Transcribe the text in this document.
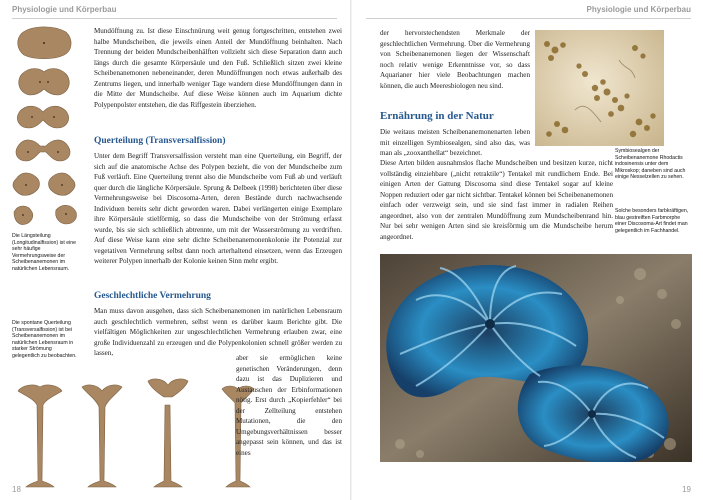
Physiologie und Körperbau

Die Längsteilung (Longitudinalfission) ist eine sehr häufige Vermehrungsweise der Scheibenanemonen im natürlichen Lebensraum.

Die spontane Querteilung (Transversalfission) ist bei Scheibenanemonen im natürlichen Lebensraum in starker Strömung gelegentlich zu beobachten.

Mundöffnung zu. Ist diese Einschnürung weit genug fortgeschritten, entstehen zwei halbe Mundscheiben, die jeweils einen Anteil der Mundöffnung beinhalten. Nach Trennung der beiden Mundscheibenhälften vollzieht sich diese Separation dann auch längs durch die gesamte Körpersäule und den Fuß. Schließlich sitzen zwei kleine Scheibenanemonen nebeneinander, deren Mundöffnungen noch etwas außerhalb des Zentrums liegen, und innerhalb weniger Tage wandern diese Mundöffnungen dann in die Mitte der Mundscheibe. Auf diese Weise können auch im Aquarium dichte Polypenpolster entstehen, die das Riffgestein überziehen.

Querteilung (Transversalfission)

Unter dem Begriff Transversalfission versteht man eine Querteilung, ein Begriff, der sich auf die anatomische Achse des Polypen bezieht, die von der Mundscheibe zum Fuß verläuft. Eine Querteilung trennt also die Mundscheibe vom Fuß ab und verläuft quer durch die längliche Körpersäule. Sprung & Delbeek (1998) berichteten über diese Vermehrungsweise bei Discosoma-Arten, deren Bestände durch nachwachsende Individuen bereits sehr dicht geworden waren. Dabei verlängerten einige Exemplare ihre Körpersäule stielförmig, so dass die Mundscheibe von der Strömung erfasst wurde, bis sie sich schließlich abtrennte, um mit der Wasserströmung zu verdriften. Auf diese Weise kann eine sehr dichte Scheibenanemonenkolonie ihr Potenzial zur vegetativen Vermehrung selbst dann noch arterhaltend einsetzen, wenn das Erzeugen weiterer Polypen innerhalb der Kolonie keinen Sinn mehr ergibt.

Geschlechtliche Vermehrung

Man muss davon ausgehen, dass sich Scheibenanemonen im natürlichen Lebensraum auch geschlechtlich vermehren, selbst wenn es darüber kaum Berichte gibt. Die vielfältigen Möglichkeiten zur ungeschlechtlichen Vermehrung erlauben zwar, eine große Individuenzahl zu erzeugen und die Polypenkolonien schnell größer werden zu lassen,

aber sie ermöglichen keine genetischen Veränderungen, denn dazu ist das Duplizieren und Austauschen der Erbinformationen nötig. Erst durch „Kopierfehler“ bei der Zellteilung entstehen Mutationen, die den Umgebungsverhältnissen besser angepasst sein können, und das ist eines

18
Physiologie und Körperbau

der hervorstechendsten Merkmale der geschlechtlichen Vermehrung. Über die Vermehrung von Scheibenanemonen liegen der Wissenschaft noch relativ wenige Erkenntnisse vor, so dass Aquarianer hier viele Beobachtungen machen können, die auch Meeresbiologen neu sind.

Ernährung in der Natur

Die weitaus meisten Scheibenanemonenarten leben mit einzelligen Symbiosealgen, sind also das, was man als „zooxanthellat“ bezeichnet.

Diese Arten bilden ausnahmslos flache Mundscheiben und besitzen kurze, nicht vollständig einziehbare („nicht retraktile“) Tentakel mit rundlichem Ende. Bei einigen Arten der Gattung Discosoma sind diese Tentakel sogar auf kleine Noppen reduziert oder gar nicht sichtbar. Tentakel können bei Scheibenanemonen einfach oder verzweigt sein, und sie sind fast immer in radialen Reihen angeordnet, also von der zentralen Mundöffnung zum Mundscheibenrand hin. Nur bei sehr wenigen Arten sind sie kreisförmig um die Mundscheibe herum angeordnet.

Symbiosealgen der Scheibenanemone Rhodactis indosinensis unter dem Mikroskop; daneben sind auch einige Nesselzellen zu sehen.

Solche besonders farbkräftigen, blau gestreiften Farbmorphe einer Discosoma-Art findet man gelegentlich im Fachhandel.

19
